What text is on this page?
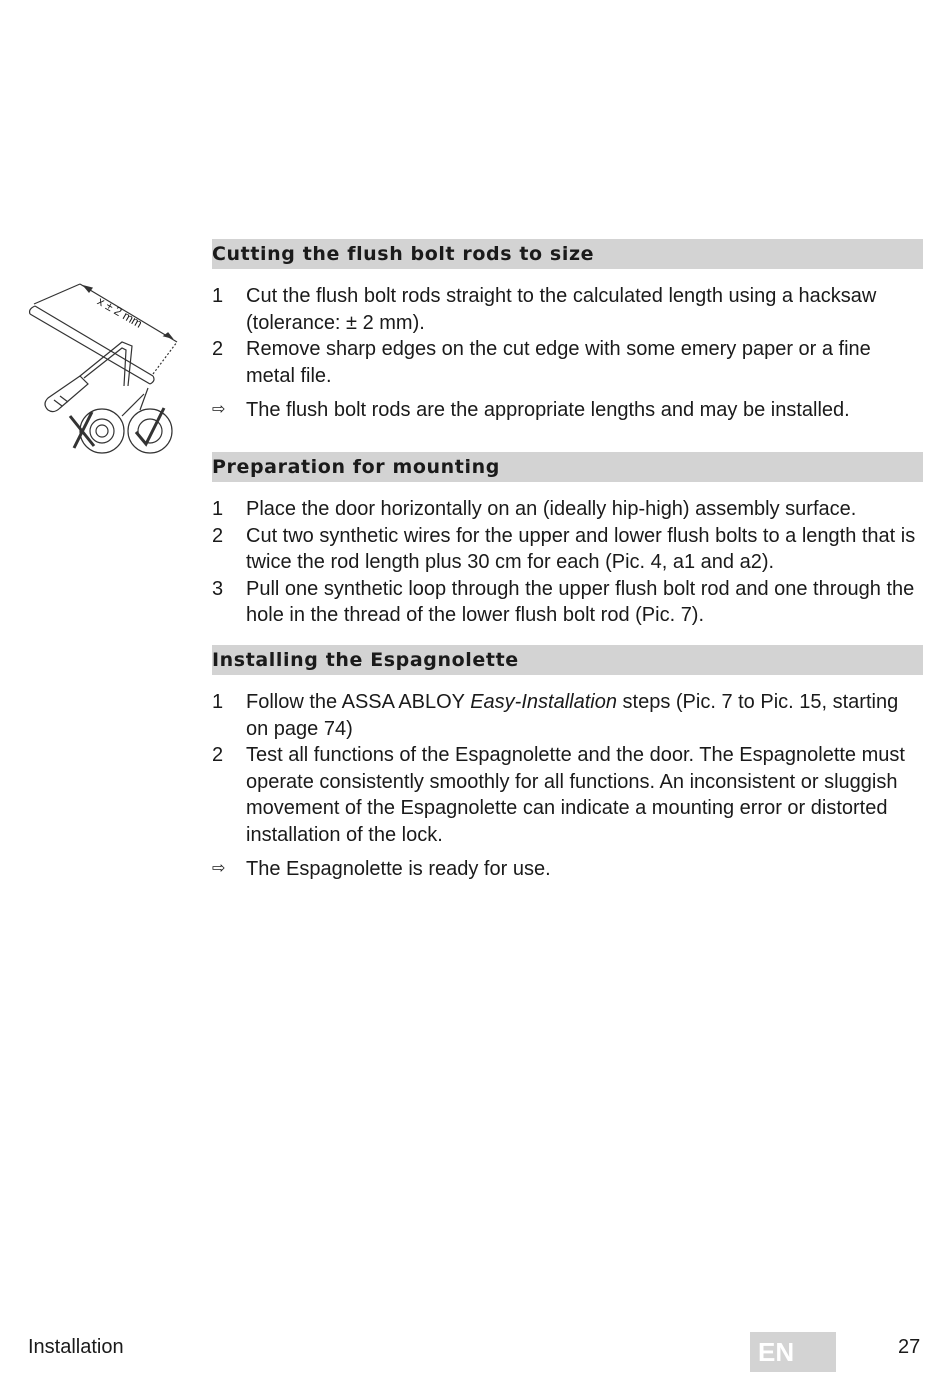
x ± 2 mm
Cutting the flush bolt rods to size
1 Cut the flush bolt rods straight to the calculated length using a hacksaw (tolerance: ± 2 mm).
2 Remove sharp edges on the cut edge with some emery paper or a fine metal file.
⇨ The flush bolt rods are the appropriate lengths and may be installed.
Preparation for mounting
1 Place the door horizontally on an (ideally hip-high) assembly surface.
2 Cut two synthetic wires for the upper and lower flush bolts to a length that is twice the rod length plus 30 cm for each (Pic. 4, a1 and a2).
3 Pull one synthetic loop through the upper flush bolt rod and one through the hole in the thread of the lower flush bolt rod (Pic. 7).
Installing the Espagnolette
1 Follow the ASSA ABLOY Easy-Installation steps (Pic. 7 to Pic. 15, starting on page 74)
2 Test all functions of the Espagnolette and the door. The Espagnolette must operate consistently smoothly for all functions. An inconsistent or sluggish movement of the Espagnolette can indicate a mounting error or distorted installation of the lock.
⇨ The Espagnolette is ready for use.
Installation	EN	27
